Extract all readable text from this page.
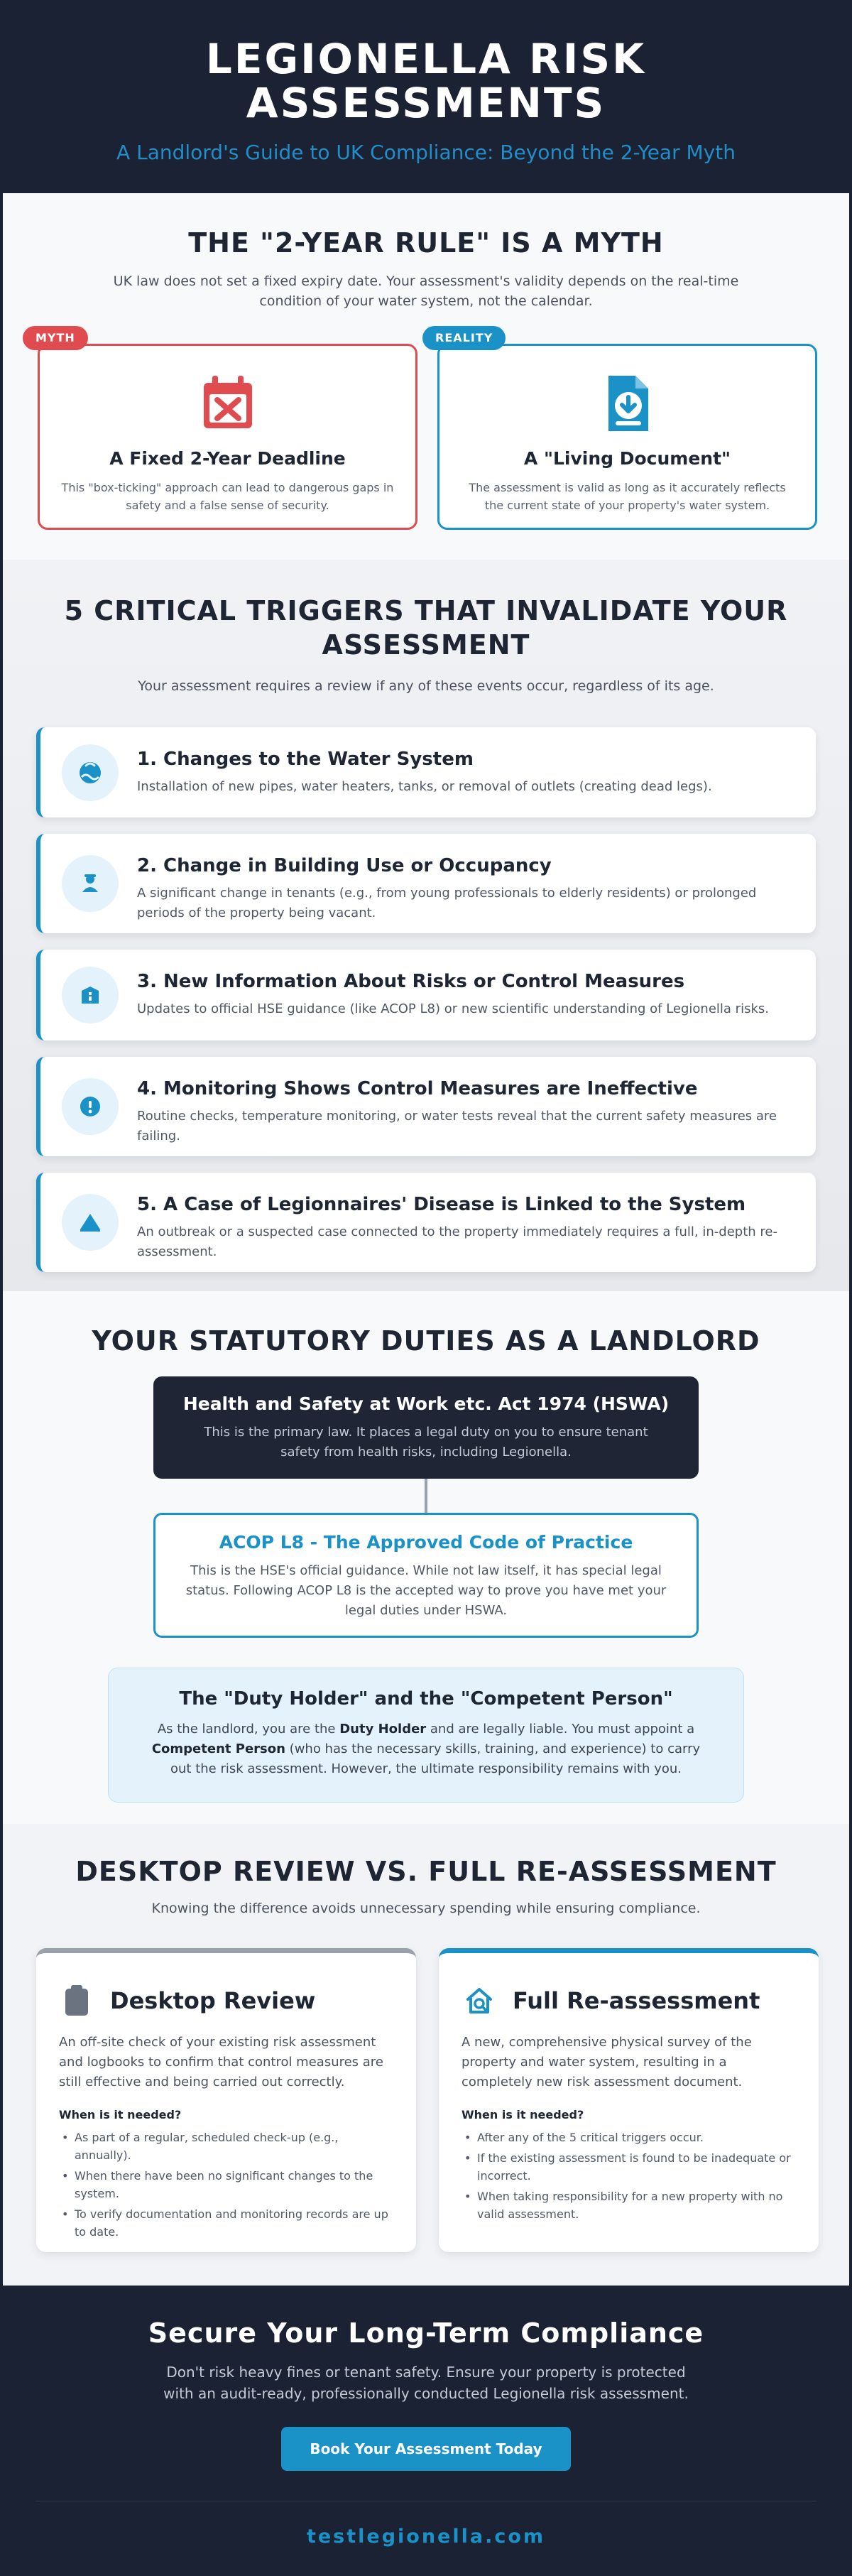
LEGIONELLA RISK ASSESSMENTS
A Landlord's Guide to UK Compliance: Beyond the 2-Year Myth
THE "2-YEAR RULE" IS A MYTH

UK law does not set a fixed expiry date. Your assessment's validity depends on the real-time condition of your water system, not the calendar.

MYTH
A Fixed 2-Year Deadline

This "box-ticking" approach can lead to dangerous gaps in safety and a false sense of security.

REALITY
A "Living Document"

The assessment is valid as long as it accurately reflects the current state of your property's water system.

5 CRITICAL TRIGGERS THAT INVALIDATE YOUR ASSESSMENT

Your assessment requires a review if any of these events occur, regardless of its age.

1. Changes to the Water System

Installation of new pipes, water heaters, tanks, or removal of outlets (creating dead legs).

2. Change in Building Use or Occupancy

A significant change in tenants (e.g., from young professionals to elderly residents) or prolonged periods of the property being vacant.

3. New Information About Risks or Control Measures

Updates to official HSE guidance (like ACOP L8) or new scientific understanding of Legionella risks.

4. Monitoring Shows Control Measures are Ineffective

Routine checks, temperature monitoring, or water tests reveal that the current safety measures are failing.

5. A Case of Legionnaires' Disease is Linked to the System

An outbreak or a suspected case connected to the property immediately requires a full, in-depth re-assessment.

YOUR STATUTORY DUTIES AS A LANDLORD
Health and Safety at Work etc. Act 1974 (HSWA)

This is the primary law. It places a legal duty on you to ensure tenant safety from health risks, including Legionella.

ACOP L8 - The Approved Code of Practice

This is the HSE's official guidance. While not law itself, it has special legal status. Following ACOP L8 is the accepted way to prove you have met your legal duties under HSWA.

The "Duty Holder" and the "Competent Person"

As the landlord, you are the Duty Holder and are legally liable. You must appoint a Competent Person (who has the necessary skills, training, and experience) to carry out the risk assessment. However, the ultimate responsibility remains with you.

DESKTOP REVIEW VS. FULL RE-ASSESSMENT

Knowing the difference avoids unnecessary spending while ensuring compliance.

Desktop Review

An off-site check of your existing risk assessment and logbooks to confirm that control measures are still effective and being carried out correctly.

When is it needed?
• As part of a regular, scheduled check-up (e.g., annually).
• When there have been no significant changes to the system.
• To verify documentation and monitoring records are up to date.
Full Re-assessment

A new, comprehensive physical survey of the property and water system, resulting in a completely new risk assessment document.

When is it needed?
• After any of the 5 critical triggers occur.
• If the existing assessment is found to be inadequate or incorrect.
• When taking responsibility for a new property with no valid assessment.
Secure Your Long-Term Compliance

Don't risk heavy fines or tenant safety. Ensure your property is protected with an audit-ready, professionally conducted Legionella risk assessment.

Book Your Assessment Today
testlegionella.com
